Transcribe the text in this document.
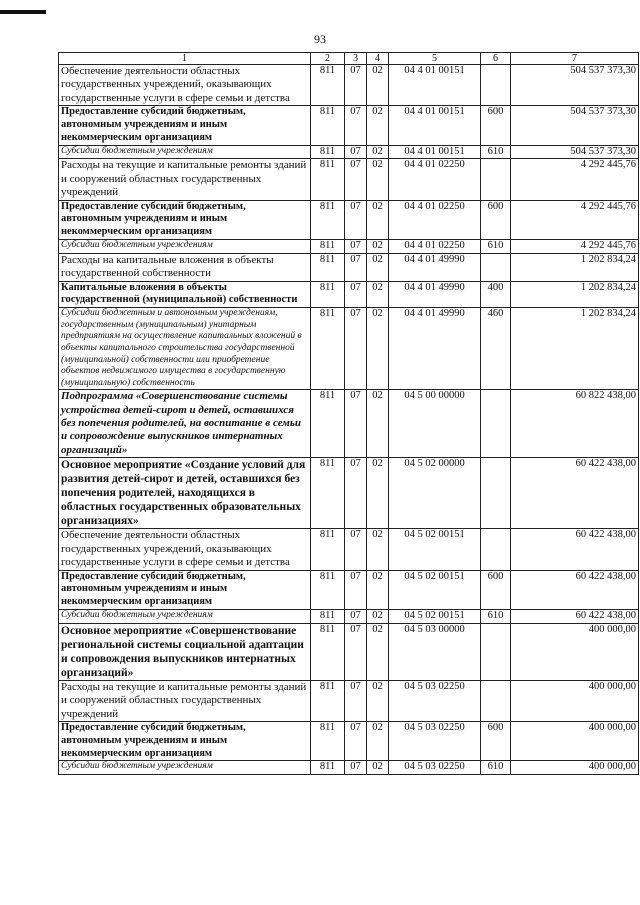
93
1	2	3	4	5	6	7
Обеспечение деятельности областных государственных учреждений, оказывающих государственные услуги в сфере семьи и детства	811	07	02	04 4 01 00151		504 537 373,30
Предоставление субсидий бюджетным, автономным учреждениям и иным некоммерческим организациям	811	07	02	04 4 01 00151	600	504 537 373,30
Субсидии бюджетным учреждениям	811	07	02	04 4 01 00151	610	504 537 373,30
Расходы на текущие и капитальные ремонты зданий и сооружений областных государственных учреждений	811	07	02	04 4 01 02250		4 292 445,76
Предоставление субсидий бюджетным, автономным учреждениям и иным некоммерческим организациям	811	07	02	04 4 01 02250	600	4 292 445,76
Субсидии бюджетным учреждениям	811	07	02	04 4 01 02250	610	4 292 445,76
Расходы на капитальные вложения в объекты государственной собственности	811	07	02	04 4 01 49990		1 202 834,24
Капитальные вложения в объекты государственной (муниципальной) собственности	811	07	02	04 4 01 49990	400	1 202 834,24
Субсидии бюджетным и автономным учреждениям, государственным (муниципальным) унитарным предприятиям на осуществление капитальных вложений в объекты капитального строительства государственной (муниципальной) собственности или приобретение объектов недвижимого имущества в государственную (муниципальную) собственность	811	07	02	04 4 01 49990	460	1 202 834,24
Подпрограмма «Совершенствование системы устройства детей-сирот и детей, оставшихся без попечения родителей, на воспитание в семьи и сопровождение выпускников интернатных организаций»	811	07	02	04 5 00 00000		60 822 438,00
Основное мероприятие «Создание условий для развития детей-сирот и детей, оставшихся без попечения родителей, находящихся в областных государственных образовательных организациях»	811	07	02	04 5 02 00000		60 422 438,00
Обеспечение деятельности областных государственных учреждений, оказывающих государственные услуги в сфере семьи и детства	811	07	02	04 5 02 00151		60 422 438,00
Предоставление субсидий бюджетным, автономным учреждениям и иным некоммерческим организациям	811	07	02	04 5 02 00151	600	60 422 438,00
Субсидии бюджетным учреждениям	811	07	02	04 5 02 00151	610	60 422 438,00
Основное мероприятие «Совершенствование региональной системы социальной адаптации и сопровождения выпускников интернатных организаций»	811	07	02	04 5 03 00000		400 000,00
Расходы на текущие и капитальные ремонты зданий и сооружений областных государственных учреждений	811	07	02	04 5 03 02250		400 000,00
Предоставление субсидий бюджетным, автономным учреждениям и иным некоммерческим организациям	811	07	02	04 5 03 02250	600	400 000,00
Субсидии бюджетным учреждениям	811	07	02	04 5 03 02250	610	400 000,00
